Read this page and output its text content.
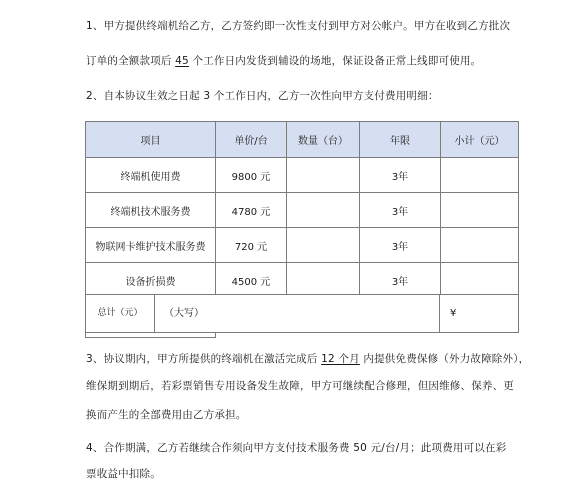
1、甲方提供终端机给乙方，乙方签约即一次性支付到甲方对公帐户。甲方在收到乙方批次
订单的全额款项后 45 个工作日内发货到辅设的场地，保证设备正常上线即可使用。
2、自本协议生效之日起 3 个工作日内，乙方一次性向甲方支付费用明细：
项目	单价/台	数量（台）	年限	小计（元）
终端机使用费	9800 元		3年	
终端机技术服务费	4780 元		3年	
物联网卡维护技术服务费	720 元		3年	
设备折损费	4500 元		3年	

总计（元）	（大写）	¥
3、协议期内，甲方所提供的终端机在激活完成后 12 个月 内提供免费保修（外力故障除外），
维保期到期后，若彩票销售专用设备发生故障，甲方可继续配合修理，但因维修、保养、更
换而产生的全部费用由乙方承担。
4、合作期满，乙方若继续合作须向甲方支付技术服务费 50 元/台/月；此项费用可以在彩
票收益中扣除。
